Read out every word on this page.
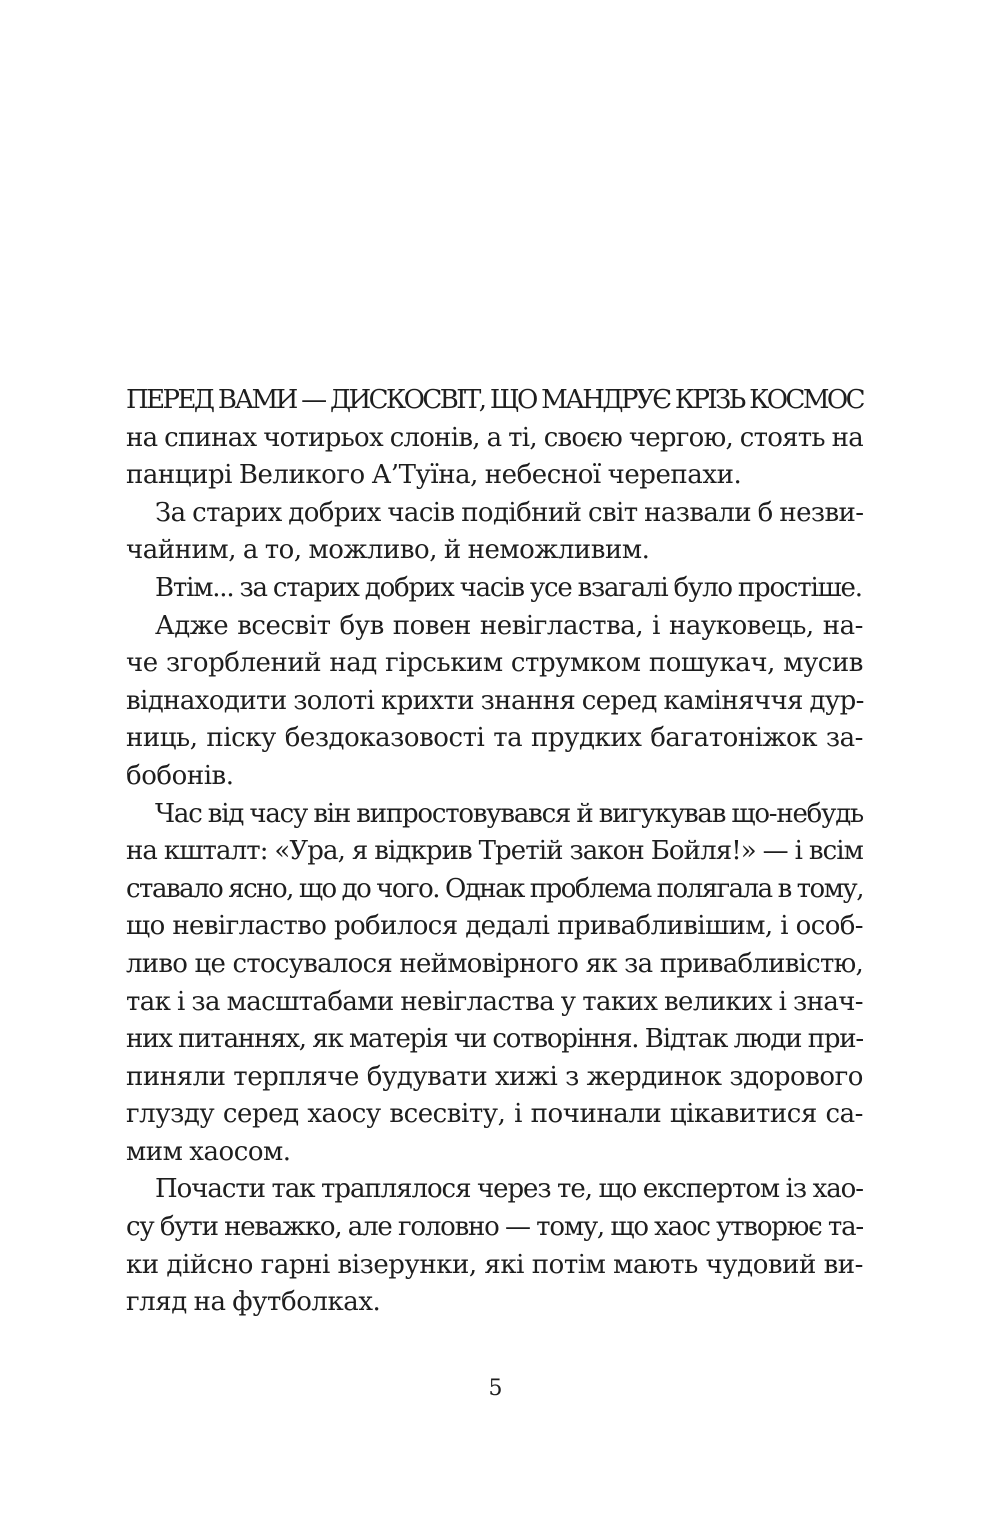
ПЕРЕД ВАМИ — ДИСКОСВІТ, ЩО МАНДРУЄ КРІЗЬ КОСМОС
на спинах чотирьох слонів, а ті, своєю чергою, стоять на
панцирі Великого А’Туїна, небесної черепахи.
За старих добрих часів подібний світ назвали б незви-
чайним, а то, можливо, й неможливим.
Втім... за старих добрих часів усе взагалі було простіше.
Адже всесвіт був повен невігластва, і науковець, на-
че згорблений над гірським струмком пошукач, мусив
віднаходити золоті крихти знання серед каміняччя дур-
ниць, піску бездоказовості та прудких багатоніжок за-
бобонів.
Час від часу він випростовувався й вигукував що-небудь
на кшталт: «Ура, я відкрив Третій закон Бойля!» — і всім
ставало ясно, що до чого. Однак проблема полягала в тому,
що невігластво робилося дедалі привабливішим, і особ-
ливо це стосувалося неймовірного як за привабливістю,
так і за масштабами невігластва у таких великих і знач-
них питаннях, як матерія чи сотворіння. Відтак люди при-
пиняли терпляче будувати хижі з жердинок здорового
глузду серед хаосу всесвіту, і починали цікавитися са-
мим хаосом.
Почасти так траплялося через те, що експертом із хао-
су бути неважко, але головно — тому, що хаос утворює та-
ки дійсно гарні візерунки, які потім мають чудовий ви-
гляд на футболках.
5
